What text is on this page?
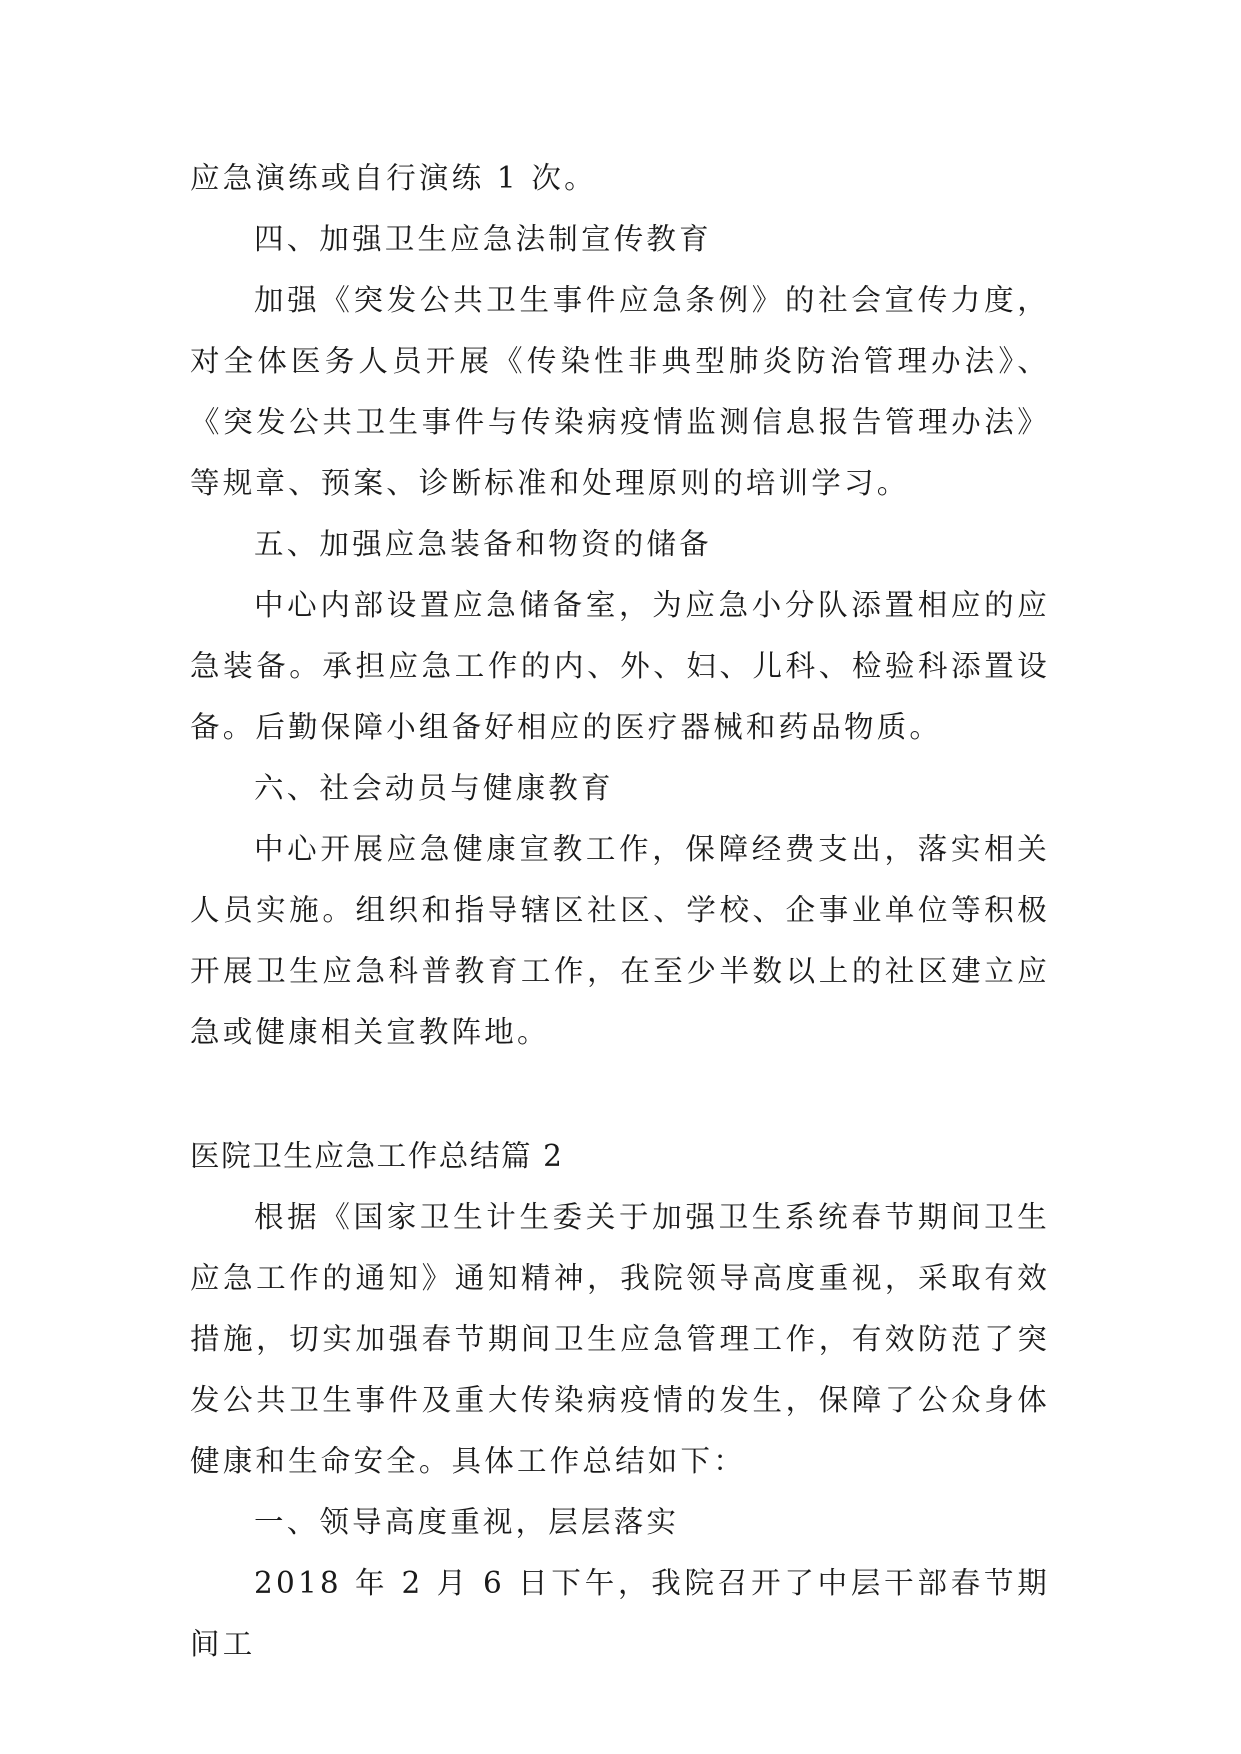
应急演练或自行演练 1 次。

四、加强卫生应急法制宣传教育

加强《突发公共卫生事件应急条例》的社会宣传力度，对全体医务人员开展《传染性非典型肺炎防治管理办法》、《突发公共卫生事件与传染病疫情监测信息报告管理办法》等规章、预案、诊断标准和处理原则的培训学习。

五、加强应急装备和物资的储备

中心内部设置应急储备室，为应急小分队添置相应的应急装备。承担应急工作的内、外、妇、儿科、检验科添置设备。后勤保障小组备好相应的医疗器械和药品物质。

六、社会动员与健康教育

中心开展应急健康宣教工作，保障经费支出，落实相关人员实施。组织和指导辖区社区、学校、企事业单位等积极开展卫生应急科普教育工作，在至少半数以上的社区建立应急或健康相关宣教阵地。

医院卫生应急工作总结篇 2

根据《国家卫生计生委关于加强卫生系统春节期间卫生应急工作的通知》通知精神，我院领导高度重视，采取有效措施，切实加强春节期间卫生应急管理工作，有效防范了突发公共卫生事件及重大传染病疫情的发生，保障了公众身体健康和生命安全。具体工作总结如下：

一、领导高度重视，层层落实

2018 年 2 月 6 日下午，我院召开了中层干部春节期间工
